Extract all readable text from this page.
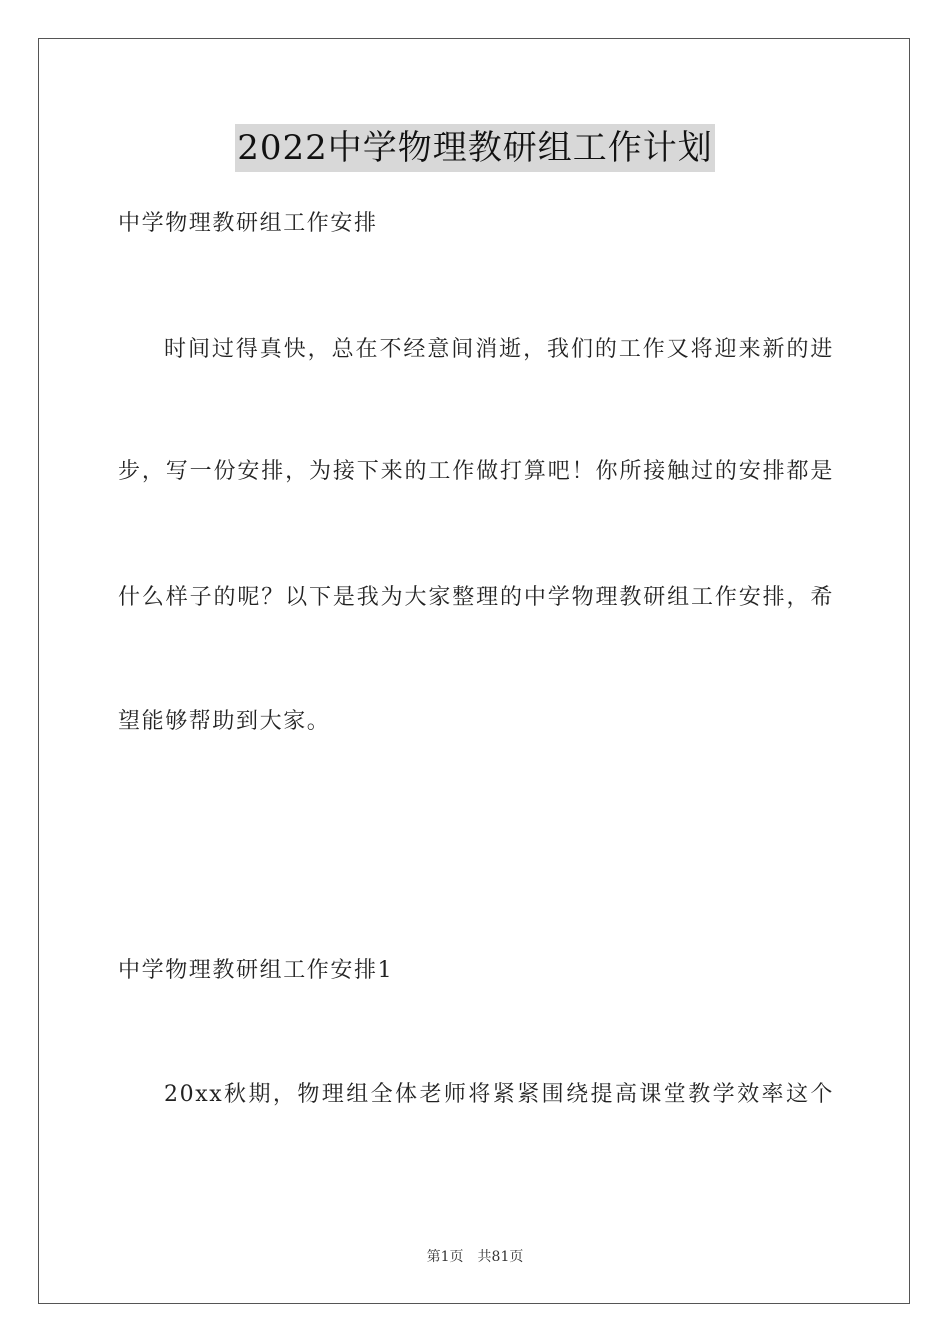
2022中学物理教研组工作计划
中学物理教研组工作安排
时间过得真快，总在不经意间消逝，我们的工作又将迎来新的进
步，写一份安排，为接下来的工作做打算吧！你所接触过的安排都是
什么样子的呢？以下是我为大家整理的中学物理教研组工作安排，希
望能够帮助到大家。
中学物理教研组工作安排1
20xx秋期，物理组全体老师将紧紧围绕提高课堂教学效率这个
第1页 共81页
